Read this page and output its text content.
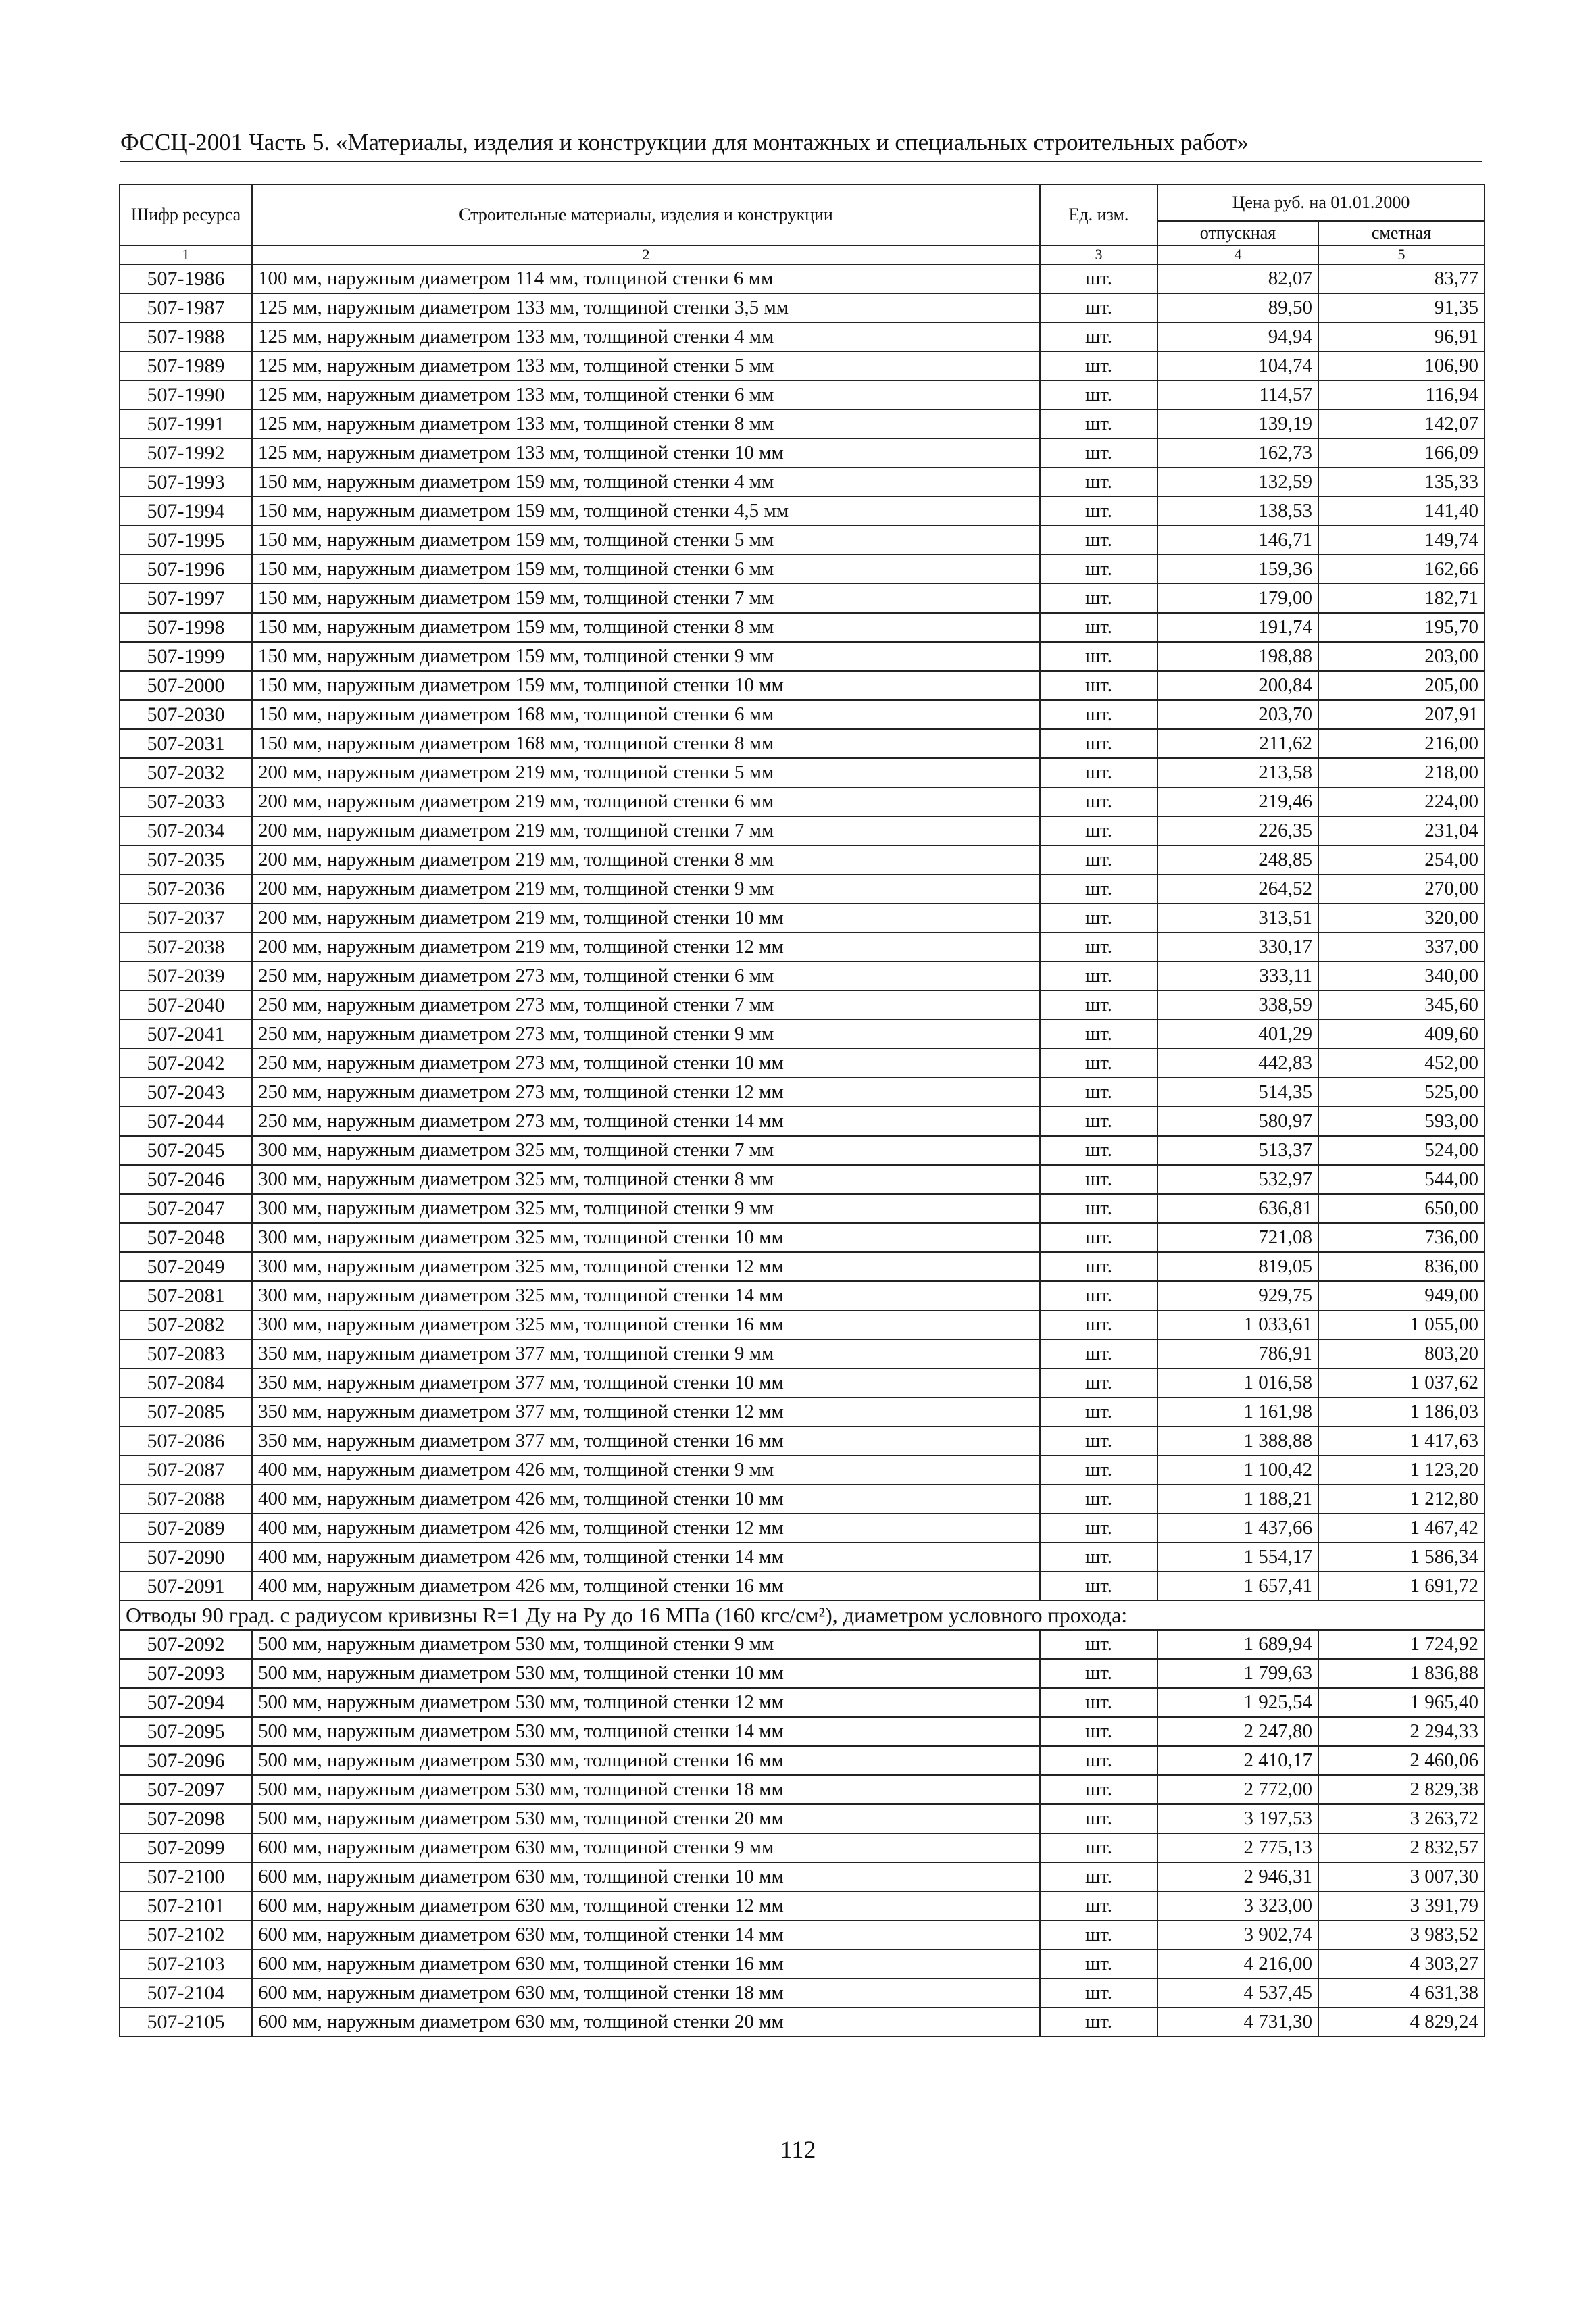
ФССЦ-2001 Часть 5. «Материалы, изделия и конструкции для монтажных и специальных строительных работ»
Шифр ресурса	Строительные материалы, изделия и конструкции	Ед. изм.	Цена руб. на 01.01.2000	
			отпускная	сметная
1	2	3	4	5
507-1986	100 мм, наружным диаметром 114 мм, толщиной стенки 6 мм	шт.	82,07	83,77
507-1987	125 мм, наружным диаметром 133 мм, толщиной стенки 3,5 мм	шт.	89,50	91,35
507-1988	125 мм, наружным диаметром 133 мм, толщиной стенки 4 мм	шт.	94,94	96,91
507-1989	125 мм, наружным диаметром 133 мм, толщиной стенки 5 мм	шт.	104,74	106,90
507-1990	125 мм, наружным диаметром 133 мм, толщиной стенки 6 мм	шт.	114,57	116,94
507-1991	125 мм, наружным диаметром 133 мм, толщиной стенки 8 мм	шт.	139,19	142,07
507-1992	125 мм, наружным диаметром 133 мм, толщиной стенки 10 мм	шт.	162,73	166,09
507-1993	150 мм, наружным диаметром 159 мм, толщиной стенки 4 мм	шт.	132,59	135,33
507-1994	150 мм, наружным диаметром 159 мм, толщиной стенки 4,5 мм	шт.	138,53	141,40
507-1995	150 мм, наружным диаметром 159 мм, толщиной стенки 5 мм	шт.	146,71	149,74
507-1996	150 мм, наружным диаметром 159 мм, толщиной стенки 6 мм	шт.	159,36	162,66
507-1997	150 мм, наружным диаметром 159 мм, толщиной стенки 7 мм	шт.	179,00	182,71
507-1998	150 мм, наружным диаметром 159 мм, толщиной стенки 8 мм	шт.	191,74	195,70
507-1999	150 мм, наружным диаметром 159 мм, толщиной стенки 9 мм	шт.	198,88	203,00
507-2000	150 мм, наружным диаметром 159 мм, толщиной стенки 10 мм	шт.	200,84	205,00
507-2030	150 мм, наружным диаметром 168 мм, толщиной стенки 6 мм	шт.	203,70	207,91
507-2031	150 мм, наружным диаметром 168 мм, толщиной стенки 8 мм	шт.	211,62	216,00
507-2032	200 мм, наружным диаметром 219 мм, толщиной стенки 5 мм	шт.	213,58	218,00
507-2033	200 мм, наружным диаметром 219 мм, толщиной стенки 6 мм	шт.	219,46	224,00
507-2034	200 мм, наружным диаметром 219 мм, толщиной стенки 7 мм	шт.	226,35	231,04
507-2035	200 мм, наружным диаметром 219 мм, толщиной стенки 8 мм	шт.	248,85	254,00
507-2036	200 мм, наружным диаметром 219 мм, толщиной стенки 9 мм	шт.	264,52	270,00
507-2037	200 мм, наружным диаметром 219 мм, толщиной стенки 10 мм	шт.	313,51	320,00
507-2038	200 мм, наружным диаметром 219 мм, толщиной стенки 12 мм	шт.	330,17	337,00
507-2039	250 мм, наружным диаметром 273 мм, толщиной стенки 6 мм	шт.	333,11	340,00
507-2040	250 мм, наружным диаметром 273 мм, толщиной стенки 7 мм	шт.	338,59	345,60
507-2041	250 мм, наружным диаметром 273 мм, толщиной стенки 9 мм	шт.	401,29	409,60
507-2042	250 мм, наружным диаметром 273 мм, толщиной стенки 10 мм	шт.	442,83	452,00
507-2043	250 мм, наружным диаметром 273 мм, толщиной стенки 12 мм	шт.	514,35	525,00
507-2044	250 мм, наружным диаметром 273 мм, толщиной стенки 14 мм	шт.	580,97	593,00
507-2045	300 мм, наружным диаметром 325 мм, толщиной стенки 7 мм	шт.	513,37	524,00
507-2046	300 мм, наружным диаметром 325 мм, толщиной стенки 8 мм	шт.	532,97	544,00
507-2047	300 мм, наружным диаметром 325 мм, толщиной стенки 9 мм	шт.	636,81	650,00
507-2048	300 мм, наружным диаметром 325 мм, толщиной стенки 10 мм	шт.	721,08	736,00
507-2049	300 мм, наружным диаметром 325 мм, толщиной стенки 12 мм	шт.	819,05	836,00
507-2081	300 мм, наружным диаметром 325 мм, толщиной стенки 14 мм	шт.	929,75	949,00
507-2082	300 мм, наружным диаметром 325 мм, толщиной стенки 16 мм	шт.	1 033,61	1 055,00
507-2083	350 мм, наружным диаметром 377 мм, толщиной стенки 9 мм	шт.	786,91	803,20
507-2084	350 мм, наружным диаметром 377 мм, толщиной стенки 10 мм	шт.	1 016,58	1 037,62
507-2085	350 мм, наружным диаметром 377 мм, толщиной стенки 12 мм	шт.	1 161,98	1 186,03
507-2086	350 мм, наружным диаметром 377 мм, толщиной стенки 16 мм	шт.	1 388,88	1 417,63
507-2087	400 мм, наружным диаметром 426 мм, толщиной стенки 9 мм	шт.	1 100,42	1 123,20
507-2088	400 мм, наружным диаметром 426 мм, толщиной стенки 10 мм	шт.	1 188,21	1 212,80
507-2089	400 мм, наружным диаметром 426 мм, толщиной стенки 12 мм	шт.	1 437,66	1 467,42
507-2090	400 мм, наружным диаметром 426 мм, толщиной стенки 14 мм	шт.	1 554,17	1 586,34
507-2091	400 мм, наружным диаметром 426 мм, толщиной стенки 16 мм	шт.	1 657,41	1 691,72
Отводы 90 град. с радиусом кривизны R=1 Ду на Ру до 16 МПа (160 кгс/см²), диаметром условного прохода:				
507-2092	500 мм, наружным диаметром 530 мм, толщиной стенки 9 мм	шт.	1 689,94	1 724,92
507-2093	500 мм, наружным диаметром 530 мм, толщиной стенки 10 мм	шт.	1 799,63	1 836,88
507-2094	500 мм, наружным диаметром 530 мм, толщиной стенки 12 мм	шт.	1 925,54	1 965,40
507-2095	500 мм, наружным диаметром 530 мм, толщиной стенки 14 мм	шт.	2 247,80	2 294,33
507-2096	500 мм, наружным диаметром 530 мм, толщиной стенки 16 мм	шт.	2 410,17	2 460,06
507-2097	500 мм, наружным диаметром 530 мм, толщиной стенки 18 мм	шт.	2 772,00	2 829,38
507-2098	500 мм, наружным диаметром 530 мм, толщиной стенки 20 мм	шт.	3 197,53	3 263,72
507-2099	600 мм, наружным диаметром 630 мм, толщиной стенки 9 мм	шт.	2 775,13	2 832,57
507-2100	600 мм, наружным диаметром 630 мм, толщиной стенки 10 мм	шт.	2 946,31	3 007,30
507-2101	600 мм, наружным диаметром 630 мм, толщиной стенки 12 мм	шт.	3 323,00	3 391,79
507-2102	600 мм, наружным диаметром 630 мм, толщиной стенки 14 мм	шт.	3 902,74	3 983,52
507-2103	600 мм, наружным диаметром 630 мм, толщиной стенки 16 мм	шт.	4 216,00	4 303,27
507-2104	600 мм, наружным диаметром 630 мм, толщиной стенки 18 мм	шт.	4 537,45	4 631,38
507-2105	600 мм, наружным диаметром 630 мм, толщиной стенки 20 мм	шт.	4 731,30	4 829,24
112
